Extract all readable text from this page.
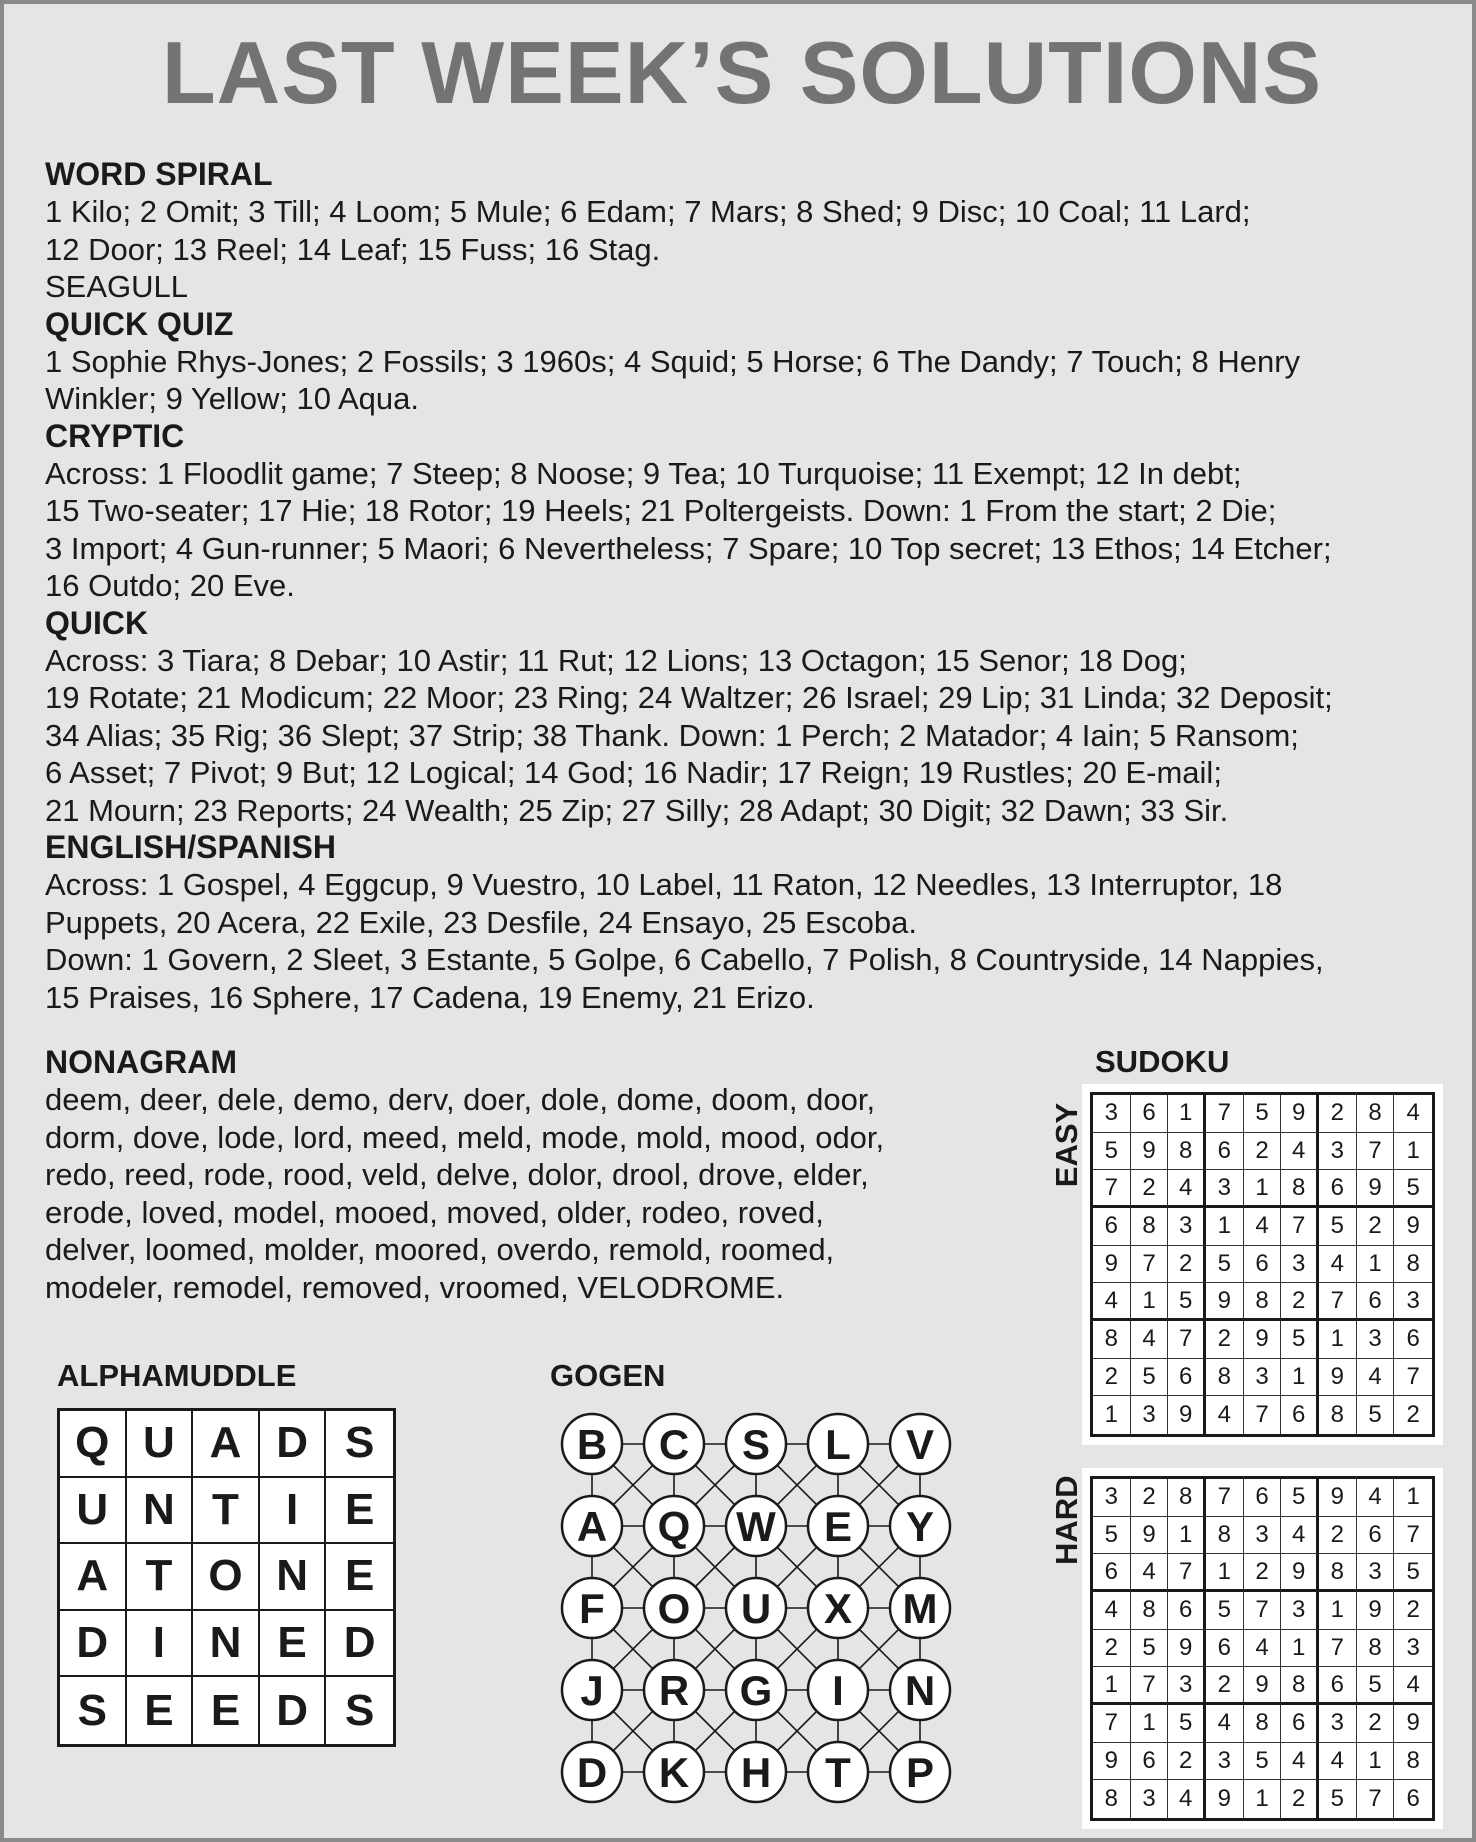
LAST WEEK’S SOLUTIONS

WORD SPIRAL

1 Kilo; 2 Omit; 3 Till; 4 Loom; 5 Mule; 6 Edam; 7 Mars; 8 Shed; 9 Disc; 10 Coal; 11 Lard;
12 Door; 13 Reel; 14 Leaf; 15 Fuss; 16 Stag.
SEAGULL

QUICK QUIZ

1 Sophie Rhys-Jones; 2 Fossils; 3 1960s; 4 Squid; 5 Horse; 6 The Dandy; 7 Touch; 8 Henry
Winkler; 9 Yellow; 10 Aqua.

CRYPTIC

Across: 1 Floodlit game; 7 Steep; 8 Noose; 9 Tea; 10 Turquoise; 11 Exempt; 12 In debt;
15 Two-seater; 17 Hie; 18 Rotor; 19 Heels; 21 Poltergeists. Down: 1 From the start; 2 Die;
3 Import; 4 Gun-runner; 5 Maori; 6 Nevertheless; 7 Spare; 10 Top secret; 13 Ethos; 14 Etcher;
16 Outdo; 20 Eve.

QUICK

Across: 3 Tiara; 8 Debar; 10 Astir; 11 Rut; 12 Lions; 13 Octagon; 15 Senor; 18 Dog;
19 Rotate; 21 Modicum; 22 Moor; 23 Ring; 24 Waltzer; 26 Israel; 29 Lip; 31 Linda; 32 Deposit;
34 Alias; 35 Rig; 36 Slept; 37 Strip; 38 Thank. Down: 1 Perch; 2 Matador; 4 Iain; 5 Ransom;
6 Asset; 7 Pivot; 9 But; 12 Logical; 14 God; 16 Nadir; 17 Reign; 19 Rustles; 20 E-mail;
21 Mourn; 23 Reports; 24 Wealth; 25 Zip; 27 Silly; 28 Adapt; 30 Digit; 32 Dawn; 33 Sir.

ENGLISH/SPANISH

Across: 1 Gospel, 4 Eggcup, 9 Vuestro, 10 Label, 11 Raton, 12 Needles, 13 Interruptor, 18
Puppets, 20 Acera, 22 Exile, 23 Desfile, 24 Ensayo, 25 Escoba.
Down: 1 Govern, 2 Sleet, 3 Estante, 5 Golpe, 6 Cabello, 7 Polish, 8 Countryside, 14 Nappies,
15 Praises, 16 Sphere, 17 Cadena, 19 Enemy, 21 Erizo.

NONAGRAM

deem, deer, dele, demo, derv, doer, dole, dome, doom, door,
dorm, dove, lode, lord, meed, meld, mode, mold, mood, odor,
redo, reed, rode, rood, veld, delve, dolor, drool, drove, elder,
erode, loved, model, mooed, moved, older, rodeo, roved,
delver, loomed, molder, moored, overdo, remold, roomed,
modeler, remodel, removed, vroomed, VELODROME.

ALPHAMUDDLE

Q U A D S
U N T	I	E
A T O N E
D	I	N E D
S E E D S

GOGEN

B C S L V
A Q W E Y
F O U X M
J R G I N
D K H T P

SUDOKU

3	6 1	7	5 9	2	8	4
5	9 8	6	2 4	3	7	1
7	2 4	3	1 8	6	9	5
6	8 3	1	4 7	5	2	9
9	7 2	5	6 3	4	1	8
4	1 5	9	8 2	7	6	3
8	4 7	2	9 5	1	3	6
2	5 6	8	3 1	9	4	7
1	3 9	4	7 6	8	5	2

EASY

3	2 8	7	6 5	9	4	1
5	9 1	8	3 4	2	6	7
6	4 7	1	2 9	8	3	5
4	8 6	5	7 3	1	9	2
2	5 9	6	4 1	7	8	3
1	7 3	2	9 8	6	5	4
7	1 5	4	8 6	3	2	9
9	6 2	3	5 4	4	1	8
8	3 4	9	1 2	5	7	6

HARD
